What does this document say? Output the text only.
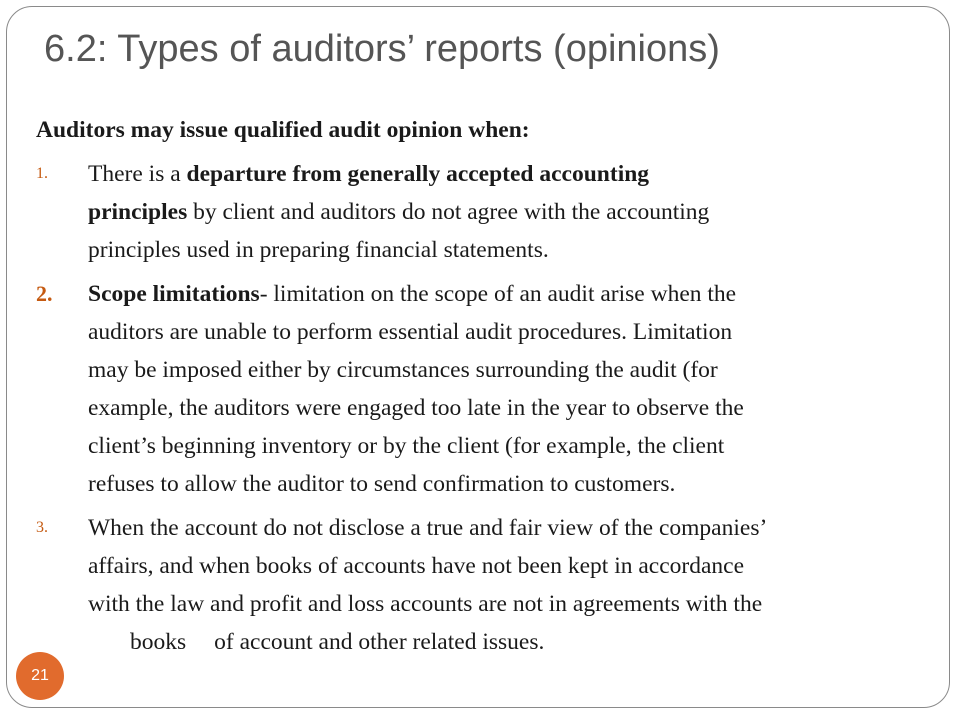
6.2: Types of auditors’ reports (opinions)
Auditors may issue qualified audit opinion when:
1. There is a departure from generally accepted accounting
principles by client and auditors do not agree with the accounting
principles used in preparing financial statements.
2. Scope limitations- limitation on the scope of an audit arise when the
auditors are unable to perform essential audit procedures. Limitation
may be imposed either by circumstances surrounding the audit (for
example, the auditors were engaged too late in the year to observe the
client’s beginning inventory or by the client (for example, the client
refuses to allow the auditor to send confirmation to customers.
3. When the account do not disclose a true and fair view of the companies’
affairs, and when books of accounts have not been kept in accordance
with the law and profit and loss accounts are not in agreements with the
books of account and other related issues.
21
